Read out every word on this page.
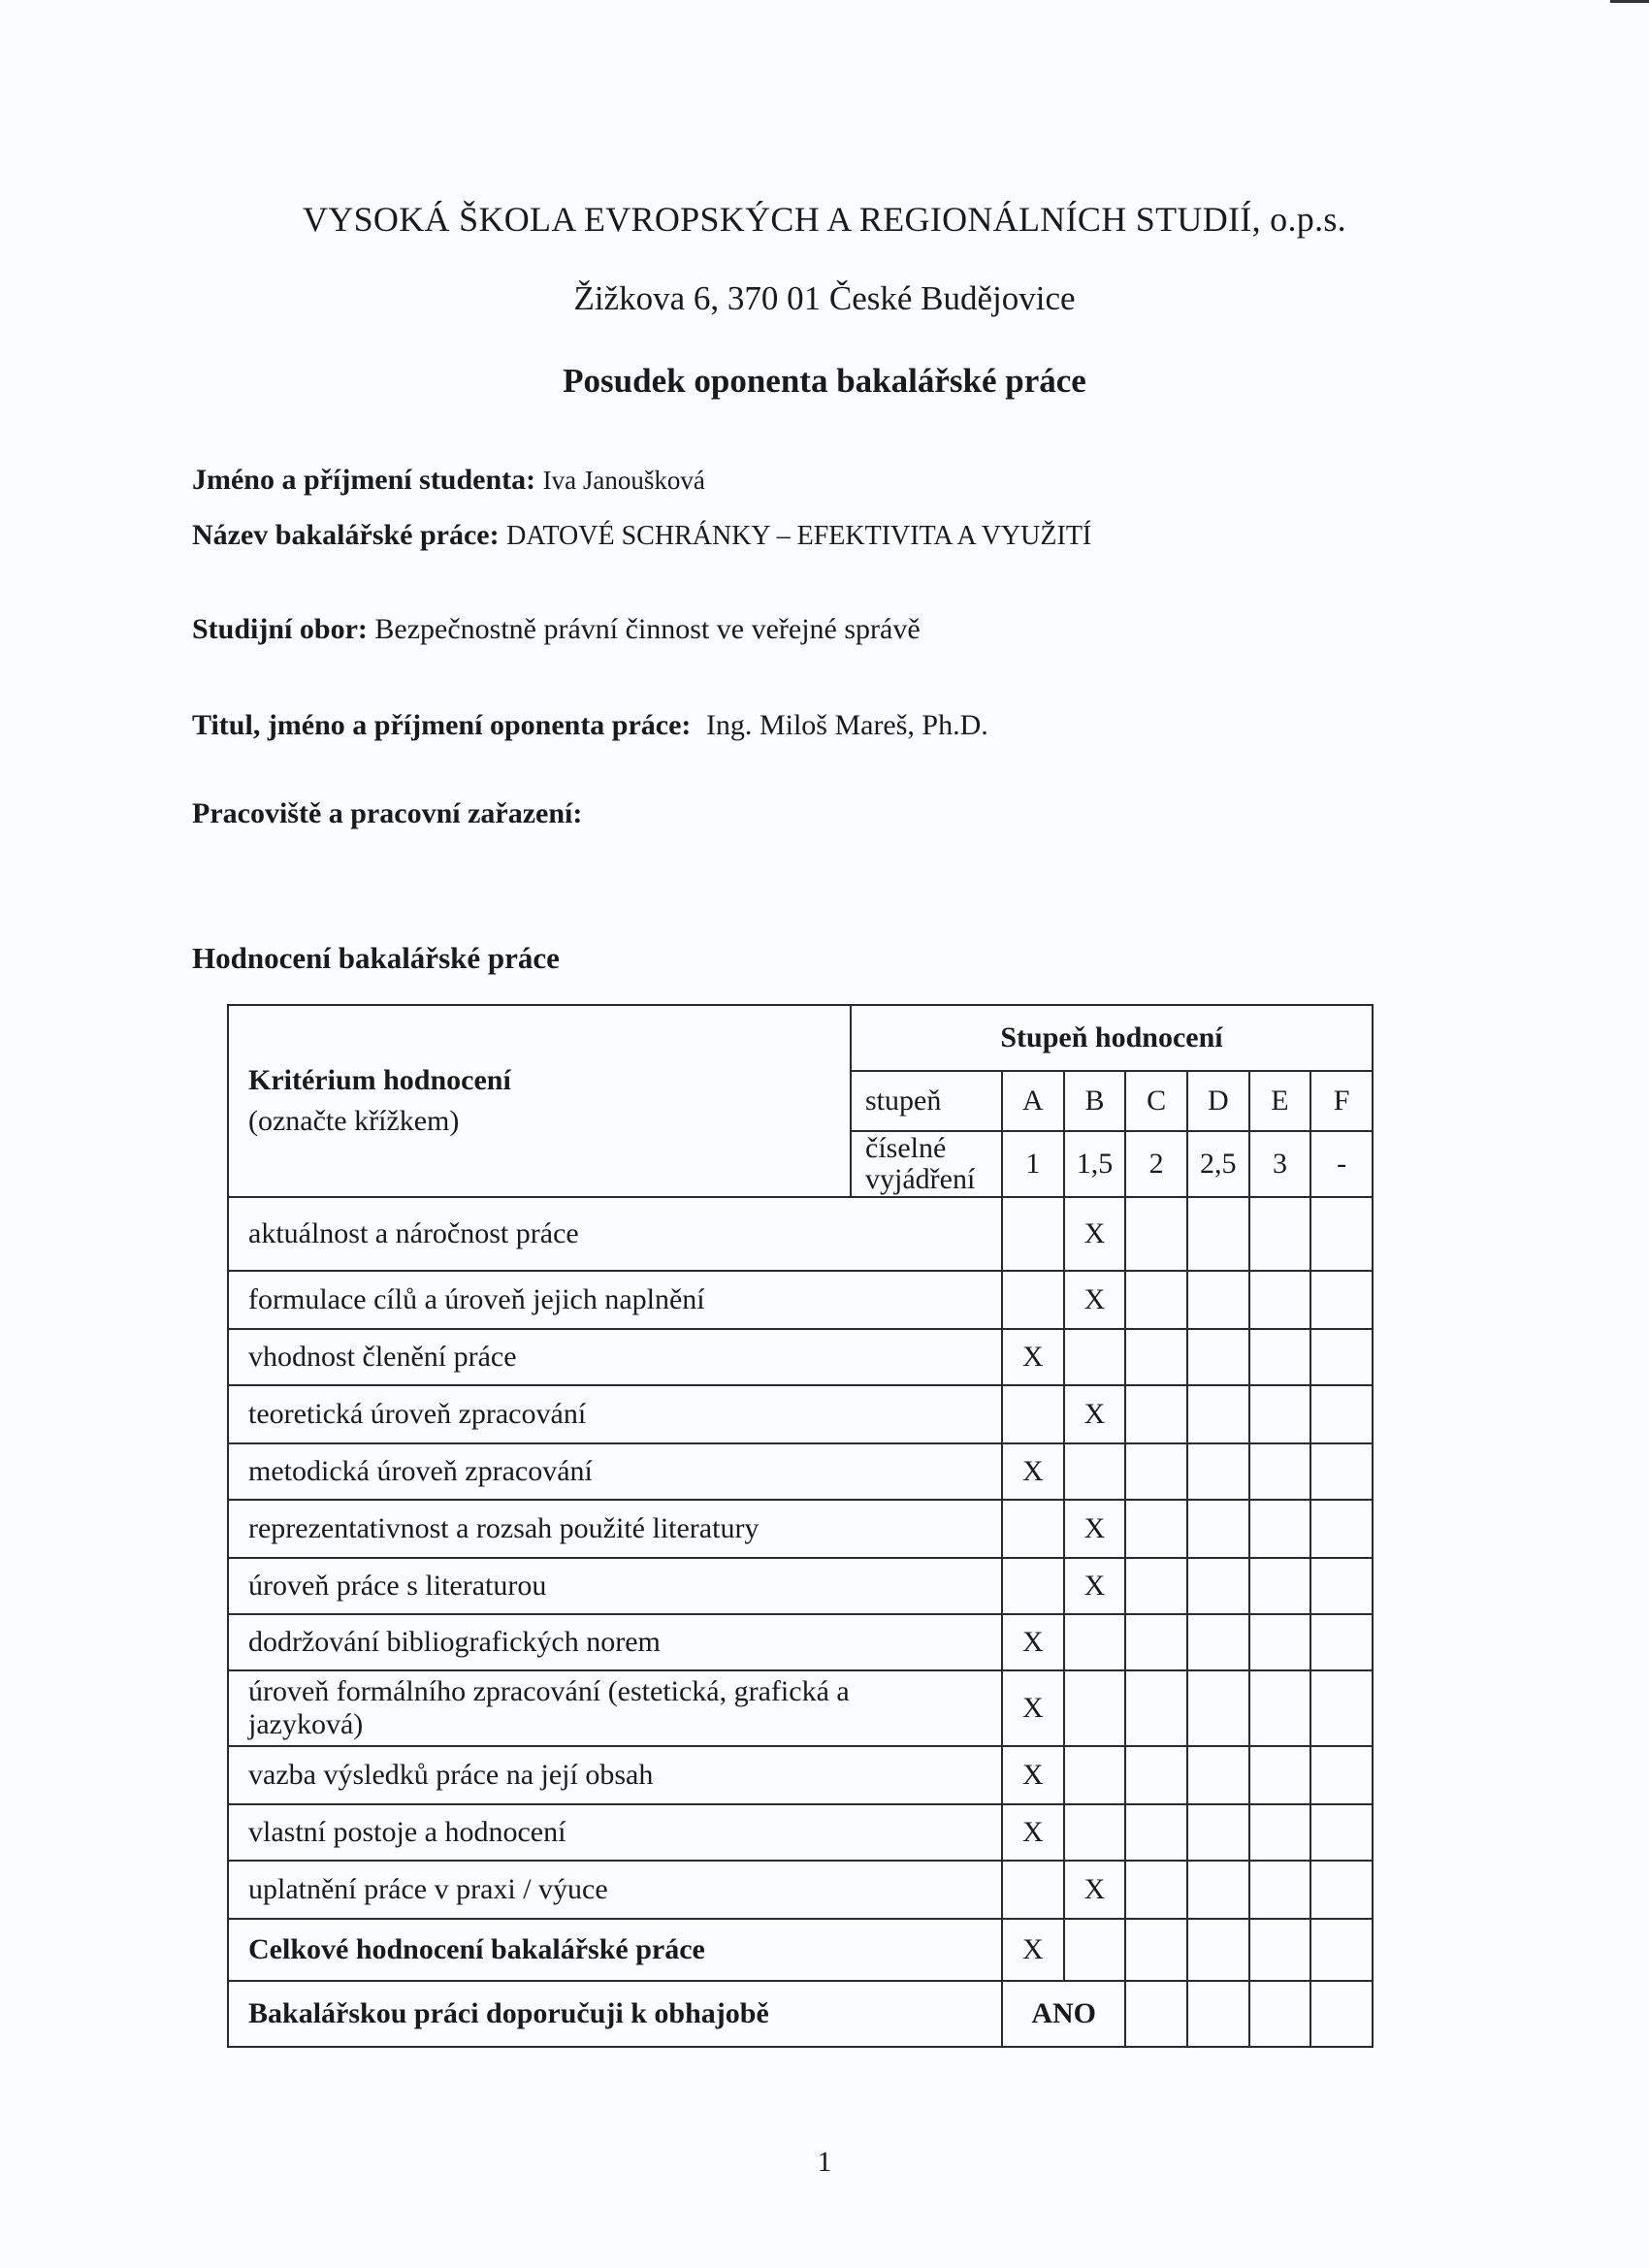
VYSOKÁ ŠKOLA EVROPSKÝCH A REGIONÁLNÍCH STUDIÍ, o.p.s.
Žižkova 6, 370 01 České Budějovice
Posudek oponenta bakalářské práce
Jméno a příjmení studenta: Iva Janoušková
Název bakalářské práce: DATOVÉ SCHRÁNKY – EFEKTIVITA A VYUŽITÍ
Studijní obor: Bezpečnostně právní činnost ve veřejné správě
Titul, jméno a příjmení oponenta práce: Ing. Miloš Mareš, Ph.D.
Pracoviště a pracovní zařazení:
Hodnocení bakalářské práce
Kritérium hodnocení
(označte křížkem)	Stupeň hodnocení						
	stupeň	A	B	C	D	E	F
	číselné vyjádření	1	1,5	2	2,5	3	-
aktuálnost a náročnost práce			X				
formulace cílů a úroveň jejich naplnění			X				
vhodnost členění práce		X					
teoretická úroveň zpracování			X				
metodická úroveň zpracování		X					
reprezentativnost a rozsah použité literatury			X				
úroveň práce s literaturou			X				
dodržování bibliografických norem		X					
úroveň formálního zpracování (estetická, grafická a jazyková)		X					
vazba výsledků práce na její obsah		X					
vlastní postoje a hodnocení		X					
uplatnění práce v praxi / výuce			X				
Celkové hodnocení bakalářské práce		X					
Bakalářskou práci doporučuji k obhajobě		ANO					
1
